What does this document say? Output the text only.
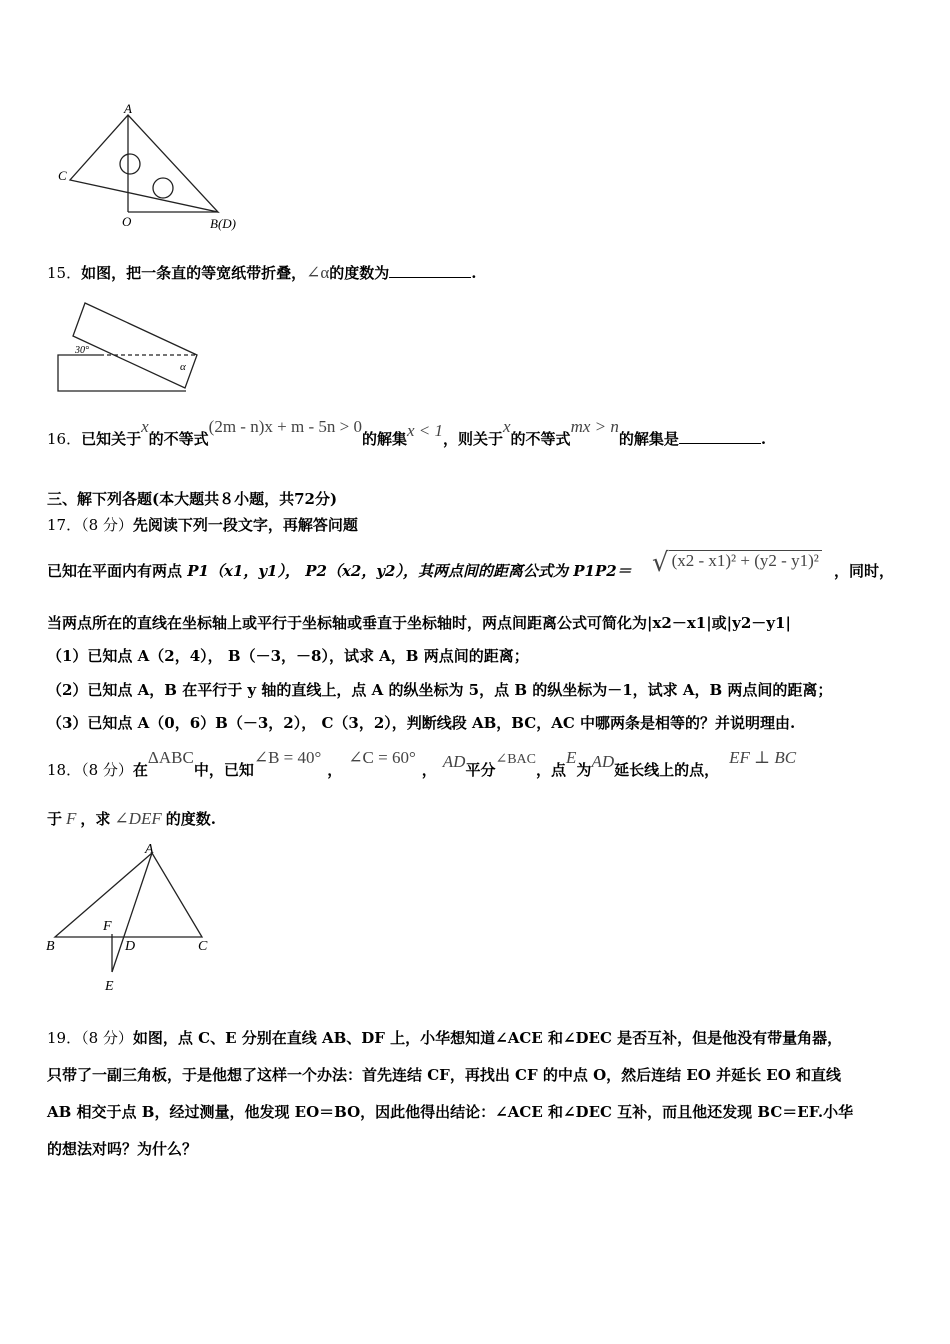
A
C
O	B(D)
15．如图，把一条直的等宽纸带折叠，∠α的度数为	.
30°
α
16．已知关于x的不等式(2m - n)x + m - 5n > 0的解集x < 1，则关于x的不等式mx > n的解集是	.
三、解下列各题(本大题共８小题，共72分)
17．（8 分）先阅读下列一段文字，再解答问题
已知在平面内有两点 P1（x1，y1）， P2（x2，y2），其两点间的距离公式为 P1P2＝ √ (x2 - x1)² + (y2 - y1)²
，同时，
当两点所在的直线在坐标轴上或平行于坐标轴或垂直于坐标轴时，两点间距离公式可简化为|x2－x1|或|y2－y1|
（1）已知点 A（2，4）， B（－3，－8），试求 A，B 两点间的距离；
（2）已知点 A，B 在平行于 y 轴的直线上，点 A 的纵坐标为 5，点 B 的纵坐标为－1，试求 A，B 两点间的距离；
（3）已知点 A（0，6）B（－3，2）， C（3，2），判断线段 AB，BC，AC 中哪两条是相等的？并说明理由.
18．（8 分）在ΔABC中，已知∠B = 40°，∠C = 60°， AD平分∠BAC，点E为AD延长线上的点，EF ⊥ BC
于 F ，求 ∠DEF 的度数.
A
B	C
D
F
E
19．（8 分）如图，点 C、E 分别在直线 AB、DF 上，小华想知道∠ACE 和∠DEC 是否互补，但是他没有带量角器，
只带了一副三角板，于是他想了这样一个办法：首先连结 CF，再找出 CF 的中点 O，然后连结 EO 并延长 EO 和直线
AB 相交于点 B，经过测量，他发现 EO＝BO，因此他得出结论：∠ACE 和∠DEC 互补，而且他还发现 BC＝EF.小华
的想法对吗？为什么？
